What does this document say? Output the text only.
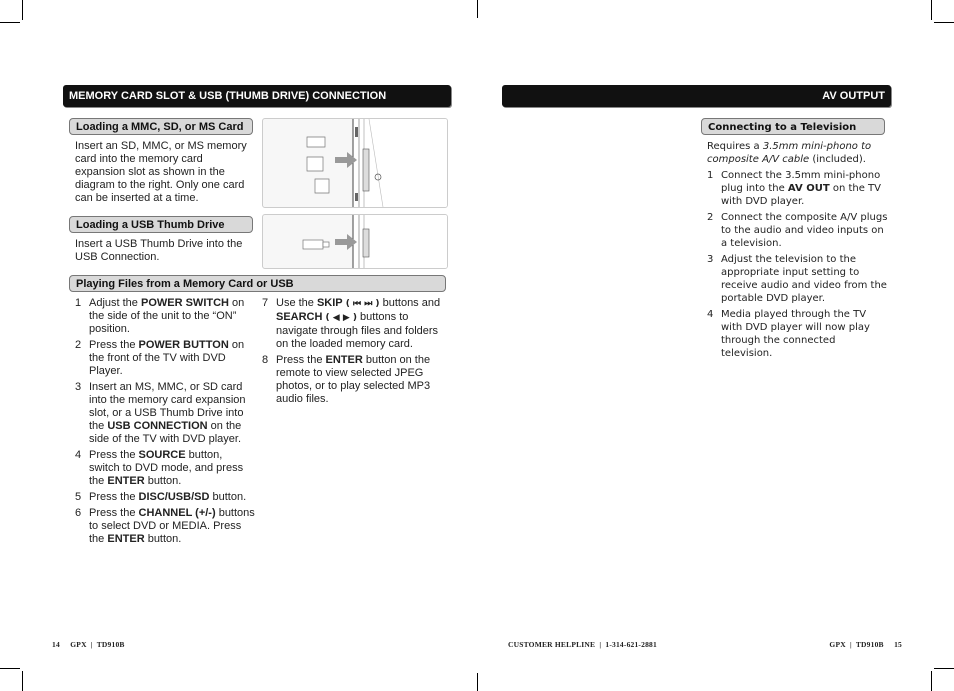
MEMORY CARD SLOT & USB (THUMB DRIVE) CONNECTION
Loading a MMC, SD, or MS Card
Insert an SD, MMC, or MS memory card into the memory card expansion slot as shown in the diagram to the right. Only one card can be inserted at a time.
Loading a USB Thumb Drive
Insert a USB Thumb Drive into the USB Connection.
Playing Files from a Memory Card or USB
1 Adjust the POWER SWITCH on the side of the unit to the “ON” position.
2 Press the POWER BUTTON on the front of the TV with DVD Player.
3 Insert an MS, MMC, or SD card into the memory card expansion slot, or a USB Thumb Drive into the USB CONNECTION on the side of the TV with DVD player.
4 Press the SOURCE button, switch to DVD mode, and press the ENTER button.
5 Press the DISC/USB/SD button.
6 Press the CHANNEL (+/-) buttons to select DVD or MEDIA. Press the ENTER button.
7 Use the SKIP ( ⏮ ⏭ ) buttons and SEARCH ( ◀ ▶ ) buttons to navigate through files and folders on the loaded memory card.
8 Press the ENTER button on the remote to view selected JPEG photos, or to play selected MP3 audio files.
AV OUTPUT
Connecting to a Television
Requires a 3.5mm mini-phono to composite A/V cable (included).
1 Connect the 3.5mm mini-phono plug into the AV OUT on the TV with DVD player.
2 Connect the composite A/V plugs to the audio and video inputs on a television.
3 Adjust the television to the appropriate input setting to receive audio and video from the portable DVD player.
4 Media played through the TV with DVD player will now play through the connected television.
14     GPX  |  TD910B	CUSTOMER HELPLINE  |  1-314-621-2881	GPX  |  TD910B     15
